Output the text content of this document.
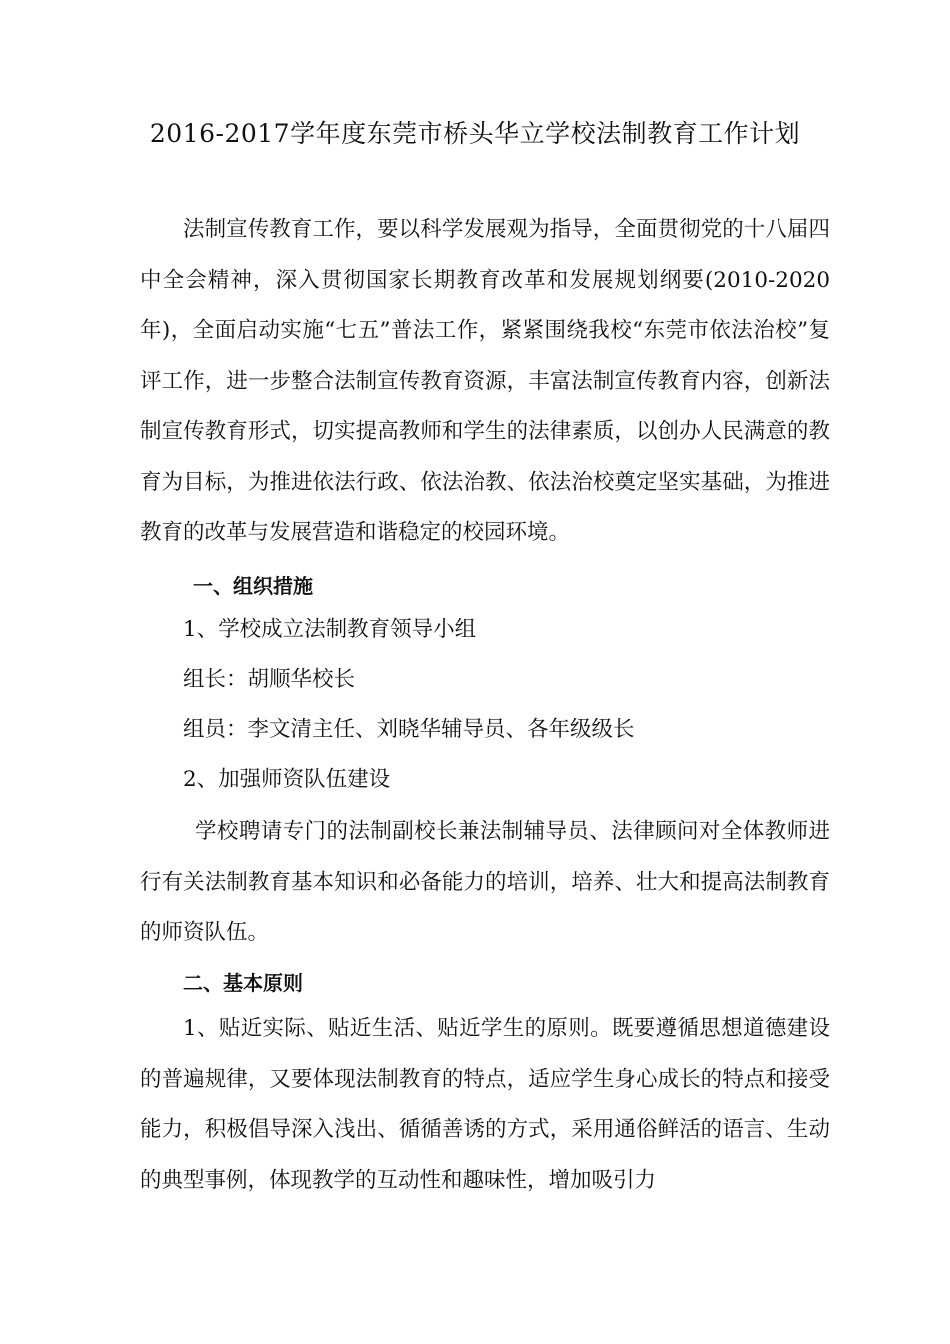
2016-2017学年度东莞市桥头华立学校法制教育工作计划
法制宣传教育工作，要以科学发展观为指导，全面贯彻党的十八届四中全会精神，深入贯彻国家长期教育改革和发展规划纲要(2010-2020年)，全面启动实施“七五”普法工作，紧紧围绕我校“东莞市依法治校”复评工作，进一步整合法制宣传教育资源，丰富法制宣传教育内容，创新法制宣传教育形式，切实提高教师和学生的法律素质，以创办人民满意的教育为目标，为推进依法行政、依法治教、依法治校奠定坚实基础，为推进教育的改革与发展营造和谐稳定的校园环境。
一、组织措施
1、学校成立法制教育领导小组
组长：胡顺华校长
组员：李文清主任、刘晓华辅导员、各年级级长
2、加强师资队伍建设
学校聘请专门的法制副校长兼法制辅导员、法律顾问对全体教师进行有关法制教育基本知识和必备能力的培训，培养、壮大和提高法制教育的师资队伍。
二、基本原则
1、贴近实际、贴近生活、贴近学生的原则。既要遵循思想道德建设的普遍规律，又要体现法制教育的特点，适应学生身心成长的特点和接受能力，积极倡导深入浅出、循循善诱的方式，采用通俗鲜活的语言、生动的典型事例，体现教学的互动性和趣味性，增加吸引力
